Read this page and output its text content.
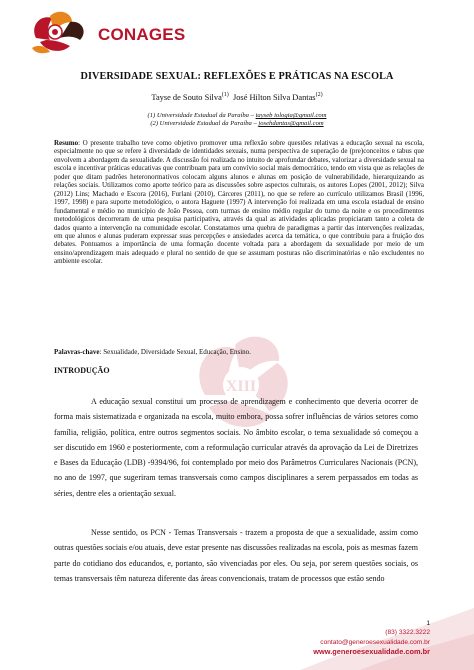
CONAGES
XIII
DIVERSIDADE SEXUAL: REFLEXÕES E PRÁTICAS NA ESCOLA
Tayse de Souto Silva$^{(1)}$ José Hilton Silva Dantas$^{(2)}$
(1) Universidade Estadual da Paraíba – tayseb iologia@gmail.com
(2) Universidade Estadual da Paraíba – josehdantas@gmail.com
Resumo: O presente trabalho teve como objetivo promover uma reflexão sobre questões relativas a educação sexual na escola, especialmente no que se refere à diversidade de identidades sexuais, numa perspectiva de superação de (pre)conceitos e tabus que envolvem a abordagem da sexualidade. A discussão foi realizada no intuito de aprofundar debates, valorizar a diversidade sexual na escola e incentivar práticas educativas que contribuam para um convívio social mais democrático, tendo em vista que as relações de poder que ditam padrões heteronormativos colocam alguns alunos e alunas em posição de vulnerabilidade, hierarquizando as relações sociais. Utilizamos como aporte teórico para as discussões sobre aspectos culturais, os autores Lopes (2001, 2012); Silva (2012) Lins; Machado e Escora (2016), Furlani (2010), Cárceres (2011), no que se refere ao currículo utilizamos Brasil (1996, 1997, 1998) e para suporte metodológico, o autora Haguete (1997) A intervenção foi realizada em uma escola estadual de ensino fundamental e médio no município de João Pessoa, com turmas de ensino médio regular do turno da noite e os procedimentos metodológicos decorreram de uma pesquisa participativa, através da qual as atividades aplicadas propiciaram tanto a coleta de dados quanto a intervenção na comunidade escolar. Constatamos uma quebra de paradigmas a partir das intervenções realizadas, em que alunos e alunas puderam expressar suas percepções e ansiedades acerca da temática, o que contribuiu para a fruição dos debates. Pontuamos a importância de uma formação docente voltada para a abordagem da sexualidade por meio de um ensino/aprendizagem mais adequado e plural no sentido de que se assumam posturas não discriminatórias e não excludentes no ambiente escolar.
Palavras-chave: Sexualidade, Diversidade Sexual, Educação, Ensino.
INTRODUÇÃO
A educação sexual constitui um processo de aprendizagem e conhecimento que deveria ocorrer de forma mais sistematizada e organizada na escola, muito embora, possa sofrer influências de vários setores como família, religião, política, entre outros segmentos sociais. No âmbito escolar, o tema sexualidade só começou a ser discutido em 1960 e posteriormente, com a reformulação curricular através da aprovação da Lei de Diretrizes e Bases da Educação (LDB) -9394/96, foi contemplado por meio dos Parâmetros Curriculares Nacionais (PCN), no ano de 1997, que sugeriram temas transversais como campos disciplinares a serem perpassados em todas as séries, dentre eles a orientação sexual.
Nesse sentido, os PCN - Temas Transversais - trazem a proposta de que a sexualidade, assim como outras questões sociais e/ou atuais, deve estar presente nas discussões realizadas na escola, pois as mesmas fazem parte do cotidiano dos educandos, e, portanto, são vivenciadas por eles. Ou seja, por serem questões sociais, os temas transversais têm natureza diferente das áreas convencionais, tratam de processos que estão sendo
1
(83) 3322.3222
contato@generoesexualidade.com.br
www.generoesexualidade.com.br
